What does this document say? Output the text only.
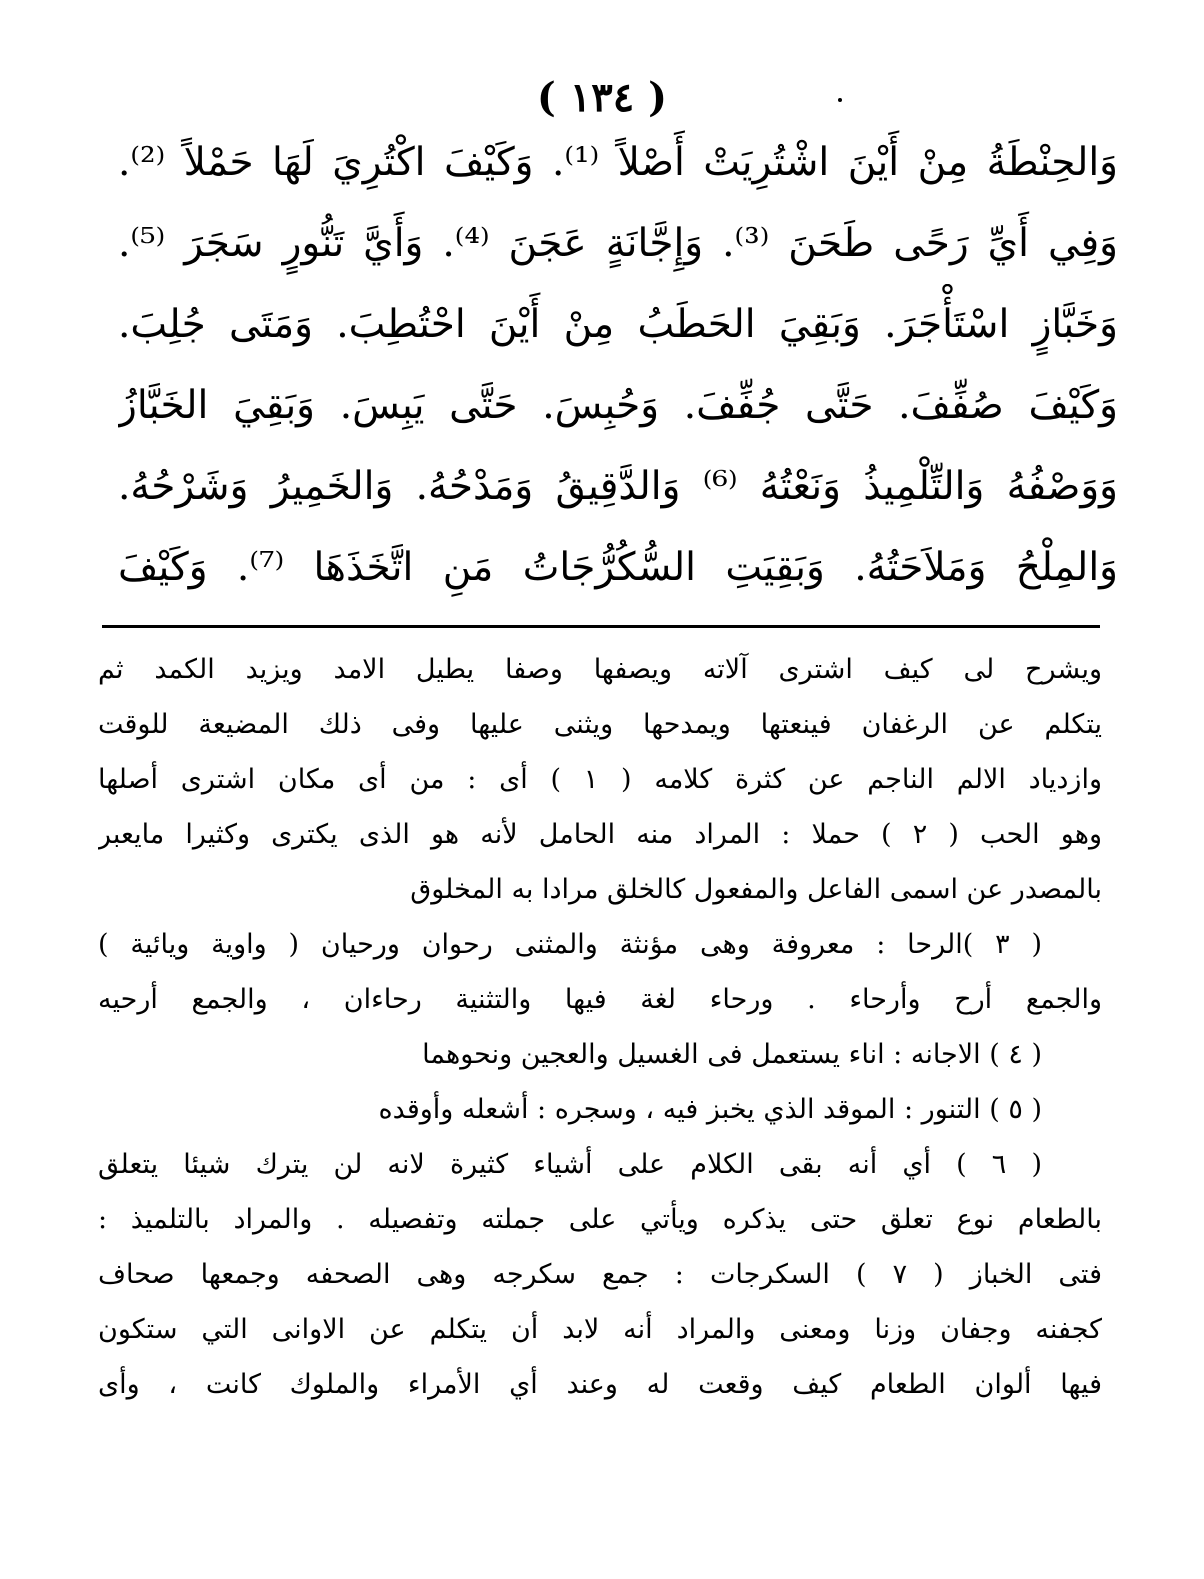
( ١٣٤ )
وَالحِنْطَةُ مِنْ أَيْنَ اشْتُرِيَتْ أَصْلاً ⁽¹⁾. وَكَيْفَ اكْتُرِيَ لَهَا حَمْلاً ⁽²⁾.
وَفِي أَيِّ رَحًى طَحَنَ ⁽³⁾. وَإِجَّانَةٍ عَجَنَ ⁽⁴⁾. وَأَيَّ تَنُّورٍ سَجَرَ ⁽⁵⁾.
وَخَبَّازٍ اسْتَأْجَرَ. وَبَقِيَ الحَطَبُ مِنْ أَيْنَ احْتُطِبَ. وَمَتَى جُلِبَ.
وَكَيْفَ صُفِّفَ. حَتَّى جُفِّفَ. وَحُبِسَ. حَتَّى يَبِسَ. وَبَقِيَ الخَبَّازُ
وَوَصْفُهُ وَالتِّلْمِيذُ وَنَعْتُهُ ⁽⁶⁾ وَالدَّقِيقُ وَمَدْحُهُ. وَالخَمِيرُ وَشَرْحُهُ.
وَالمِلْحُ وَمَلاَحَتُهُ. وَبَقِيَتِ السُّكُرُّجَاتُ مَنِ اتَّخَذَهَا ⁽⁷⁾. وَكَيْفَ
ويشرح لى كيف اشترى آلاته ويصفها وصفا يطيل الامد ويزيد الكمد ثم
يتكلم عن الرغفان فينعتها ويمدحها ويثنى عليها وفى ذلك المضيعة للوقت
وازدياد الالم الناجم عن كثرة كلامه ( ١ ) أى : من أى مكان اشترى أصلها
وهو الحب ( ٢ ) حملا : المراد منه الحامل لأنه هو الذى يكترى وكثيرا مايعبر
بالمصدر عن اسمى الفاعل والمفعول كالخلق مرادا به المخلوق
( ٣ )الرحا : معروفة وهى مؤنثة والمثنى رحوان ورحيان ( واوية ويائية )
والجمع أرح وأرحاء . ورحاء لغة فيها والتثنية رحاءان ، والجمع أرحيه
( ٤ ) الاجانه : اناء يستعمل فى الغسيل والعجين ونحوهما
( ٥ ) التنور : الموقد الذي يخبز فيه ، وسجره : أشعله وأوقده
( ٦ ) أي أنه بقى الكلام على أشياء كثيرة لانه لن يترك شيئا يتعلق
بالطعام نوع تعلق حتى يذكره ويأتي على جملته وتفصيله . والمراد بالتلميذ :
فتى الخباز ( ٧ ) السكرجات : جمع سكرجه وهى الصحفه وجمعها صحاف
كجفنه وجفان وزنا ومعنى والمراد أنه لابد أن يتكلم عن الاوانى التي ستكون
فيها ألوان الطعام كيف وقعت له وعند أي الأمراء والملوك كانت ، وأى
